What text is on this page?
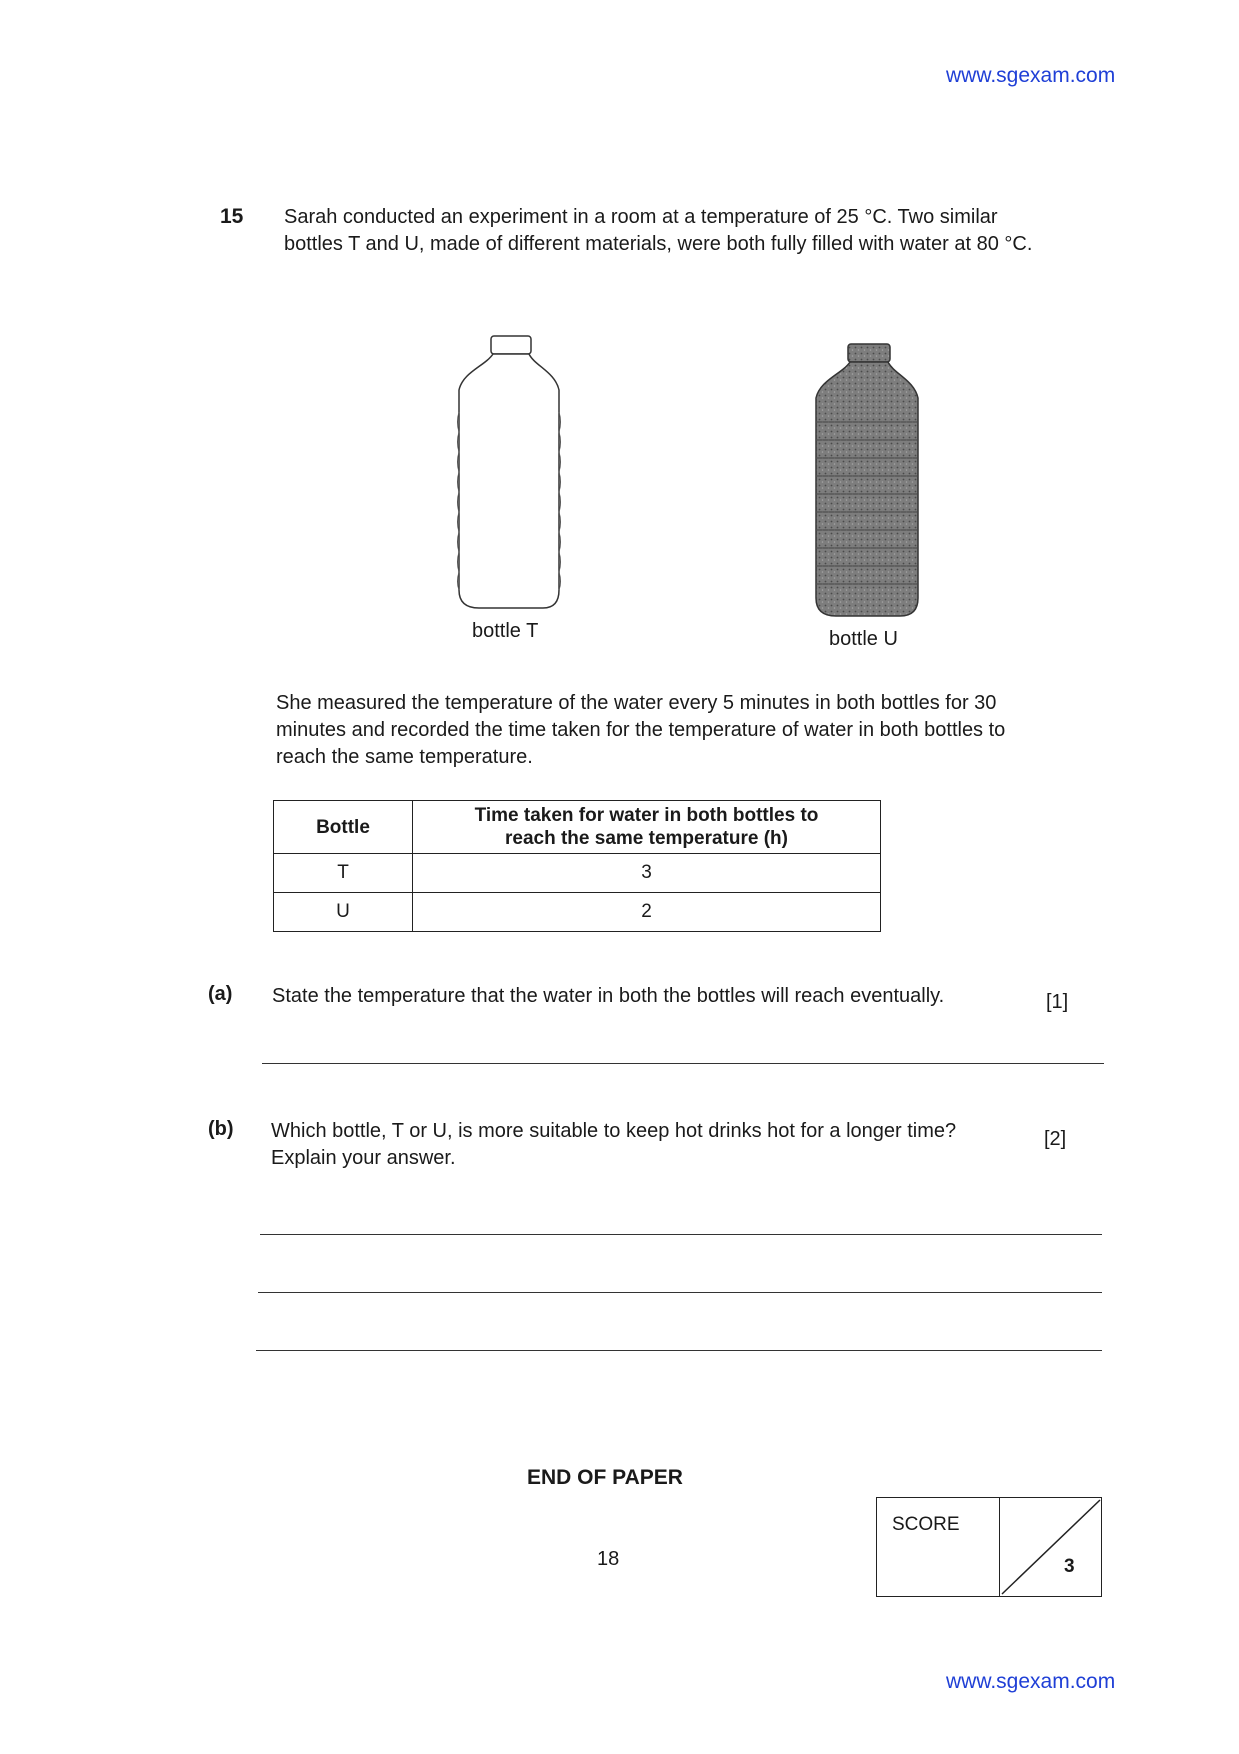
www.sgexam.com
15 Sarah conducted an experiment in a room at a temperature of 25 °C. Two similar
bottles T and U, made of different materials, were both fully filled with water at 80 °C.
bottle T	bottle U
She measured the temperature of the water every 5 minutes in both bottles for 30
minutes and recorded the time taken for the temperature of water in both bottles to
reach the same temperature.
Bottle	Time taken for water in both bottles to reach the same temperature (h)
T	3
U	2
(a) State the temperature that the water in both the bottles will reach eventually.	[1]
(b) Which bottle, T or U, is more suitable to keep hot drinks hot for a longer time?
Explain your answer.
[2]
END OF PAPER
18
SCORE
3
www.sgexam.com
